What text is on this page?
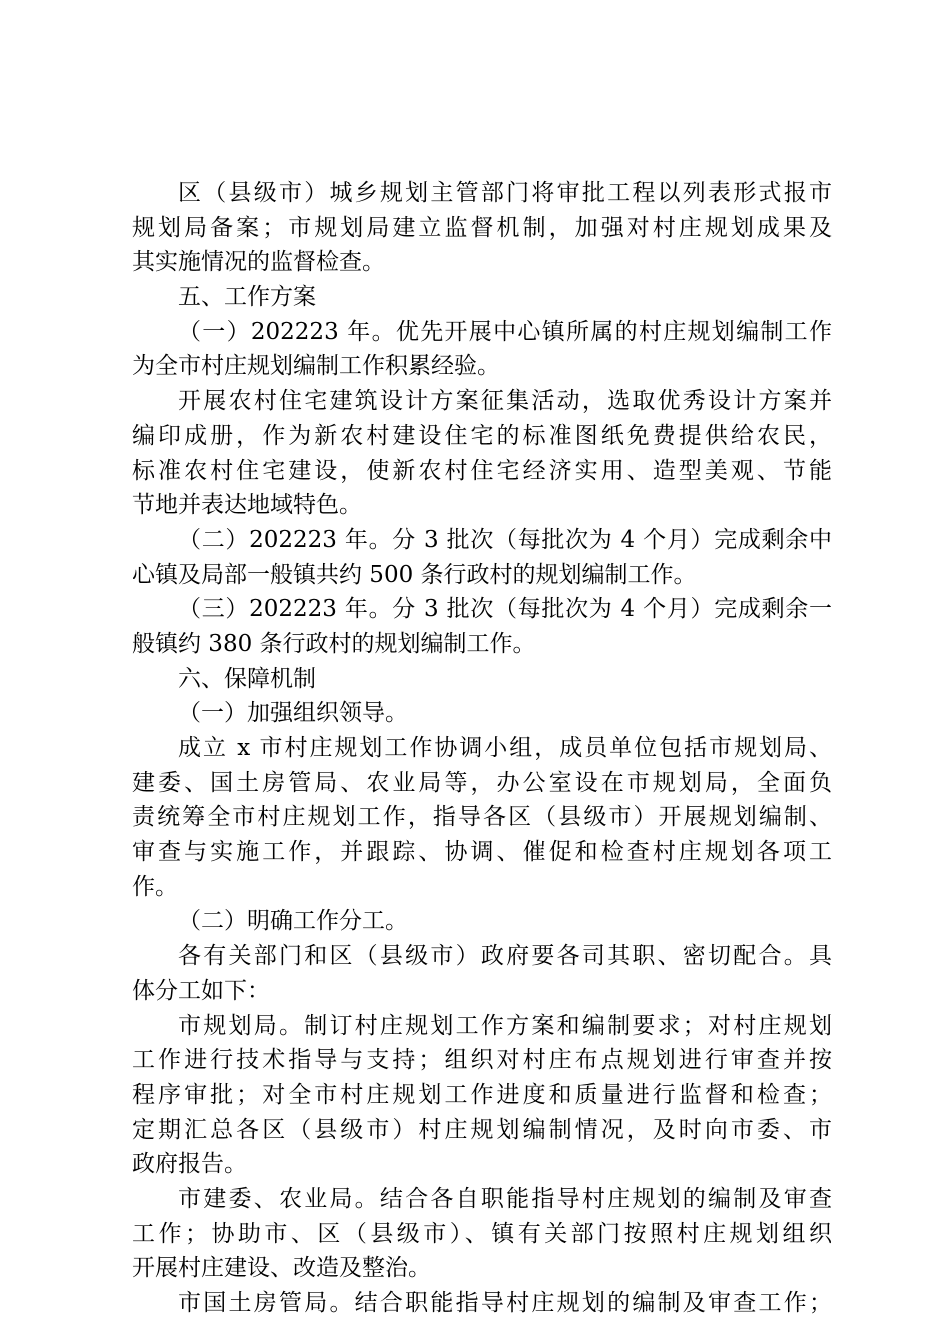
区（县级市）城乡规划主管部门将审批工程以列表形式报市
规划局备案；市规划局建立监督机制，加强对村庄规划成果及
其实施情况的监督检查。
五、工作方案
（一）202223 年。优先开展中心镇所属的村庄规划编制工作
为全市村庄规划编制工作积累经验。
开展农村住宅建筑设计方案征集活动，选取优秀设计方案并
编印成册，作为新农村建设住宅的标准图纸免费提供给农民，
标准农村住宅建设，使新农村住宅经济实用、造型美观、节能
节地并表达地域特色。
（二）202223 年。分 3 批次（每批次为 4 个月）完成剩余中
心镇及局部一般镇共约 500 条行政村的规划编制工作。
（三）202223 年。分 3 批次（每批次为 4 个月）完成剩余一
般镇约 380 条行政村的规划编制工作。
六、保障机制
（一）加强组织领导。
成立 x 市村庄规划工作协调小组，成员单位包括市规划局、
建委、国土房管局、农业局等，办公室设在市规划局，全面负
责统筹全市村庄规划工作，指导各区（县级市）开展规划编制、
审查与实施工作，并跟踪、协调、催促和检查村庄规划各项工
作。
（二）明确工作分工。
各有关部门和区（县级市）政府要各司其职、密切配合。具
体分工如下：
市规划局。制订村庄规划工作方案和编制要求；对村庄规划
工作进行技术指导与支持；组织对村庄布点规划进行审查并按
程序审批；对全市村庄规划工作进度和质量进行监督和检查；
定期汇总各区（县级市）村庄规划编制情况，及时向市委、市
政府报告。
市建委、农业局。结合各自职能指导村庄规划的编制及审查
工作；协助市、区（县级市）、镇有关部门按照村庄规划组织
开展村庄建设、改造及整治。
市国土房管局。结合职能指导村庄规划的编制及审查工作；
